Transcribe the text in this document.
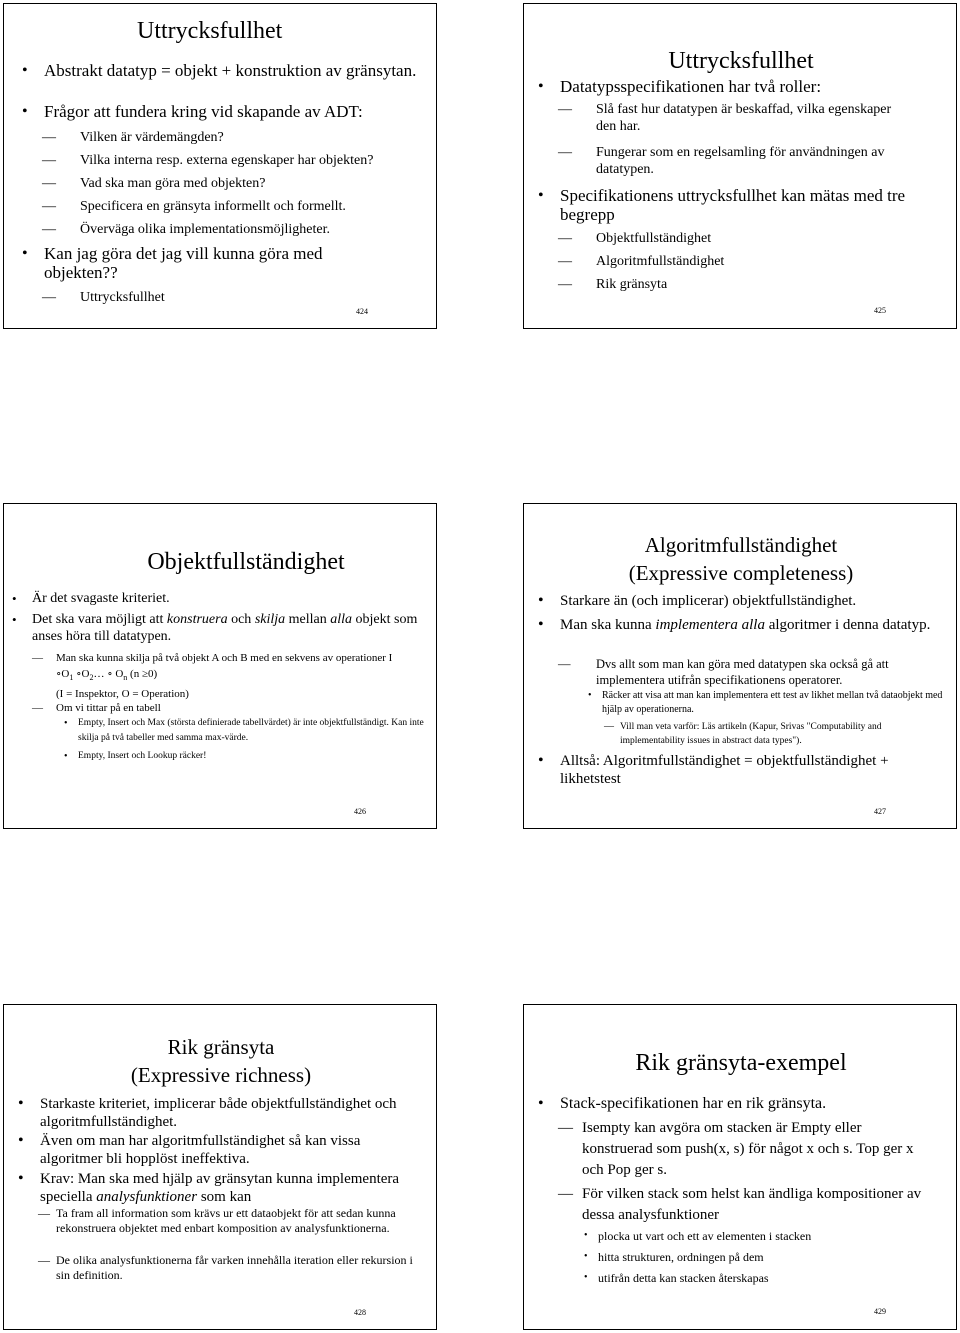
Uttrycksfullhet
• Abstrakt datatyp = objekt + konstruktion av gränsytan.
• Frågor att fundera kring vid skapande av ADT:
—	Vilken är värdemängden?
—	Vilka interna resp. externa egenskaper har objekten?
—	Vad ska man göra med objekten?
—	Specificera en gränsyta informellt och formellt.
—	Överväga olika implementationsmöjligheter.
• Kan jag göra det jag vill kunna göra med objekten??
—	Uttrycksfullhet
424
Uttrycksfullhet
• Datatypsspecifikationen har två roller:
—	Slå fast hur datatypen är beskaffad, vilka egenskaper den har.
—	Fungerar som en regelsamling för användningen av datatypen.
• Specifikationens uttrycksfullhet kan mätas med tre begrepp
—	Objektfullständighet
—	Algoritmfullständighet
—	Rik gränsyta
425
Objektfullständighet
•	Är det svagaste kriteriet.
•	Det ska vara möjligt att konstruera och skilja mellan alla objekt som anses höra till datatypen.
—	Man ska kunna skilja på två objekt A och B med en sekvens av operationer I
$\circ O_1$ $\circ O_2\dots$ ∘ $O_n$ (n ≥0)
(I = Inspektor, O = Operation)
—	Om vi tittar på en tabell
•	Empty, Insert och Max (största definierade tabellvärdet) är inte objektfullständigt. Kan inte skilja på två tabeller med samma max-värde.
•	Empty, Insert och Lookup räcker!
426
Algoritmfullständighet
(Expressive completeness)
•	Starkare än (och implicerar) objektfullständighet.
•	Man ska kunna implementera alla algoritmer i denna datatyp.
—	Dvs allt som man kan göra med datatypen ska också gå att implementera utifrån specifikationens operatorer.
•	Räcker att visa att man kan implementera ett test av likhet mellan två dataobjekt med hjälp av operationerna.
— Vill man veta varför: Läs artikeln (Kapur, Srivas "Computability and implementability issues in abstract data types").
•	Alltså: Algoritmfullständighet = objektfullständighet + likhetstest
427
Rik gränsyta
(Expressive richness)
•	Starkaste kriteriet, implicerar både objektfullständighet och algoritmfullständighet.
•	Även om man har algoritmfullständighet så kan vissa algoritmer bli hopplöst ineffektiva.
•	Krav: Man ska med hjälp av gränsytan kunna implementera speciella analysfunktioner som kan
— Ta fram all information som krävs ur ett dataobjekt för att sedan kunna rekonstruera objektet med enbart komposition av analysfunktionerna.
— De olika analysfunktionerna får varken innehålla iteration eller rekursion i sin definition.
428
Rik gränsyta-exempel
•	Stack-specifikationen har en rik gränsyta.
— Isempty kan avgöra om stacken är Empty eller konstruerad som push(x, s) för något x och s. Top ger x och Pop ger s.
— För vilken stack som helst kan ändliga kompositioner av dessa analysfunktioner
• plocka ut vart och ett av elementen i stacken
• hitta strukturen, ordningen på dem
• utifrån detta kan stacken återskapas
429
